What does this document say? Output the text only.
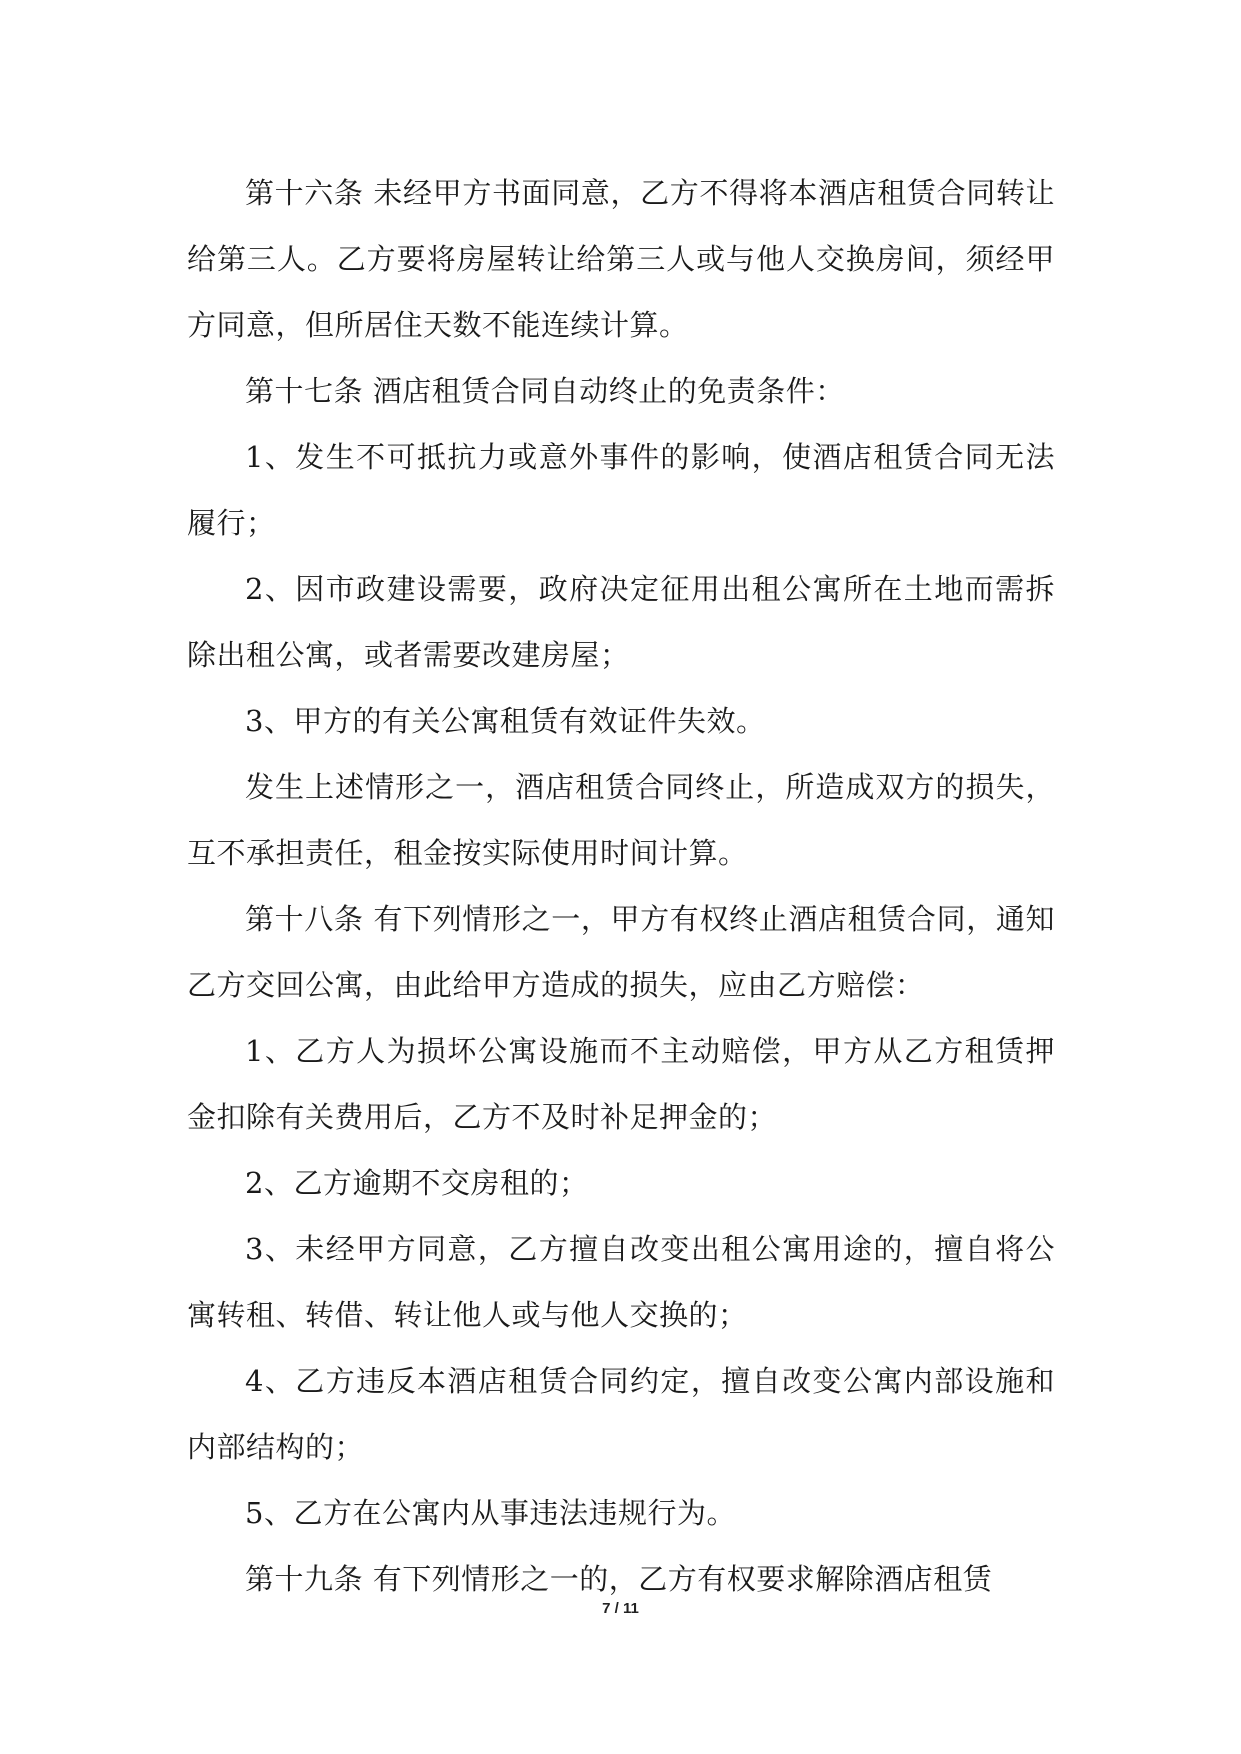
第十六条 未经甲方书面同意，乙方不得将本酒店租赁合同转让给第三人。乙方要将房屋转让给第三人或与他人交换房间，须经甲方同意，但所居住天数不能连续计算。

第十七条 酒店租赁合同自动终止的免责条件：

1、发生不可抵抗力或意外事件的影响，使酒店租赁合同无法履行；

2、因市政建设需要，政府决定征用出租公寓所在土地而需拆除出租公寓，或者需要改建房屋；

3、甲方的有关公寓租赁有效证件失效。

发生上述情形之一，酒店租赁合同终止，所造成双方的损失，互不承担责任，租金按实际使用时间计算。

第十八条 有下列情形之一，甲方有权终止酒店租赁合同，通知乙方交回公寓，由此给甲方造成的损失，应由乙方赔偿：

1、乙方人为损坏公寓设施而不主动赔偿，甲方从乙方租赁押金扣除有关费用后，乙方不及时补足押金的；

2、乙方逾期不交房租的；

3、未经甲方同意，乙方擅自改变出租公寓用途的，擅自将公寓转租、转借、转让他人或与他人交换的；

4、乙方违反本酒店租赁合同约定，擅自改变公寓内部设施和内部结构的；

5、乙方在公寓内从事违法违规行为。

第十九条 有下列情形之一的，乙方有权要求解除酒店租赁

7 / 11
